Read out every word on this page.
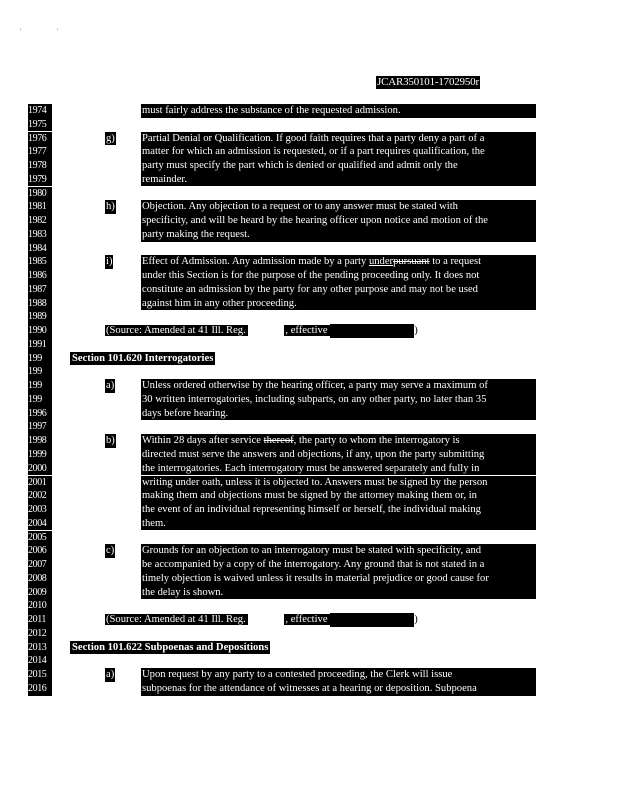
'	'
JCAR350101-1702950r
1974	must fairly address the substance of the requested admission.
1975
1976	g)	Partial Denial or Qualification. If good faith requires that a party deny a part of a
1977	matter for which an admission is requested, or if a part requires qualification, the
1978	party must specify the part which is denied or qualified and admit only the
1979	remainder.
1980
1981	h)	Objection. Any objection to a request or to any answer must be stated with
1982	specificity, and will be heard by the hearing officer upon notice and motion of the
1983	party making the request.
1984
1985	i)	Effect of Admission. Any admission made by a party underpursuant to a request
1986	under this Section is for the purpose of the pending proceeding only. It does not
1987	constitute an admission by the party for any other purpose and may not be used
1988	against him in any other proceeding.
1989
1990	(Source: Amended at 41 Ill. Reg.	, effective	)
1991
199	Section 101.620 Interrogatories
199
199	a)	Unless ordered otherwise by the hearing officer, a party may serve a maximum of
199	30 written interrogatories, including subparts, on any other party, no later than 35
1996	days before hearing.
1997
1998	b)	Within 28 days after service thereof, the party to whom the interrogatory is
1999	directed must serve the answers and objections, if any, upon the party submitting
2000	the interrogatories. Each interrogatory must be answered separately and fully in
2001	writing under oath, unless it is objected to. Answers must be signed by the person
2002	making them and objections must be signed by the attorney making them or, in
2003	the event of an individual representing himself or herself, the individual making
2004	them.
2005
2006	c)	Grounds for an objection to an interrogatory must be stated with specificity, and
2007	be accompanied by a copy of the interrogatory. Any ground that is not stated in a
2008	timely objection is waived unless it results in material prejudice or good cause for
2009	the delay is shown.
2010
2011	(Source: Amended at 41 Ill. Reg.	, effective	)
2012
2013	Section 101.622 Subpoenas and Depositions
2014
2015	a)	Upon request by any party to a contested proceeding, the Clerk will issue
2016	subpoenas for the attendance of witnesses at a hearing or deposition. Subpoena
